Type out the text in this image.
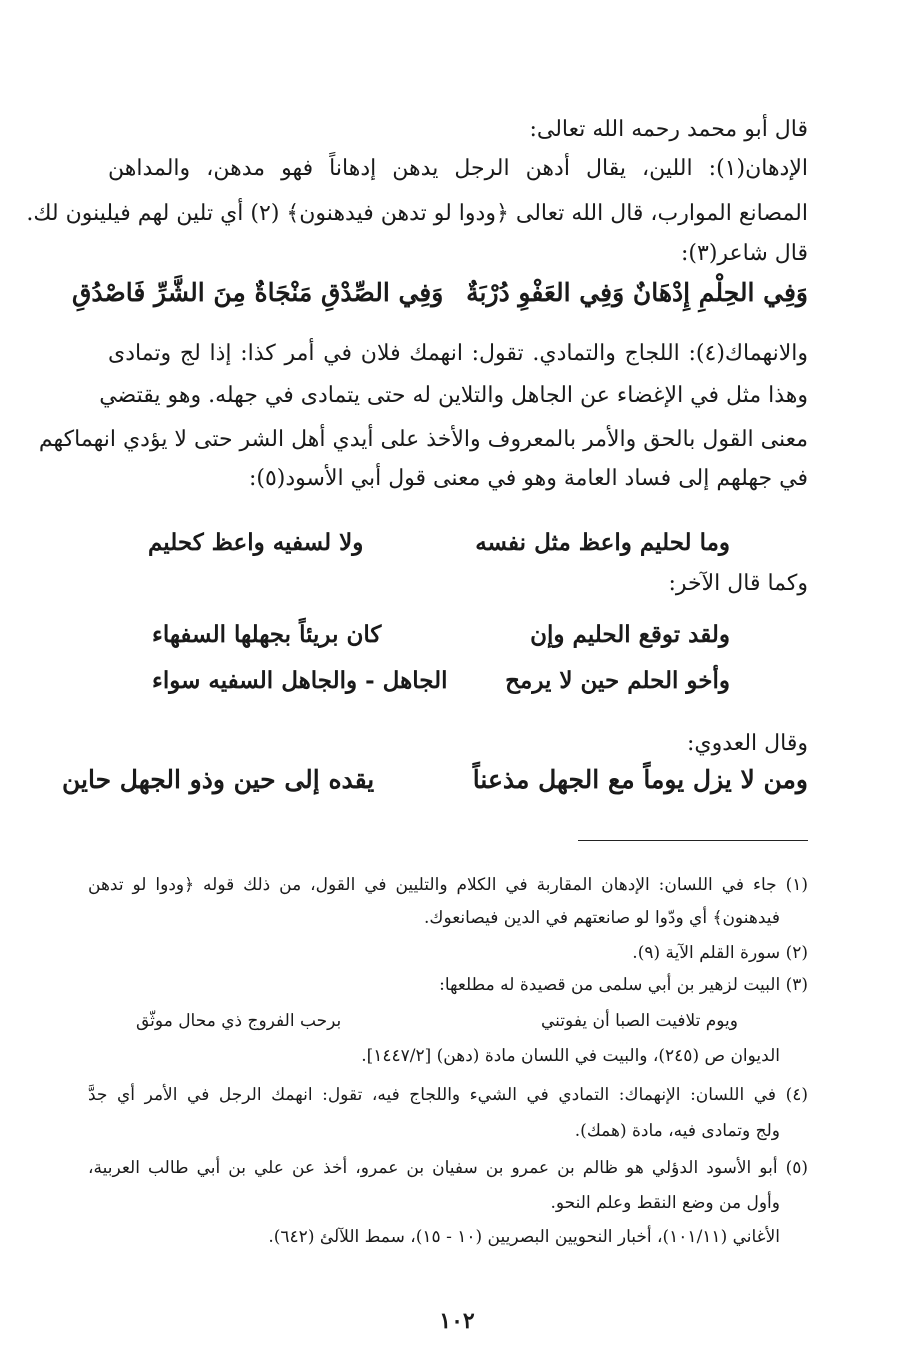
قال أبو محمد رحمه الله تعالى:
الإدهان(١): اللين، يقال أدهن الرجل يدهن إدهاناً فهو مدهن، والمداهن
المصانع الموارب، قال الله تعالى ﴿ودوا لو تدهن فيدهنون﴾ (٢) أي تلين لهم فيلينون لك.
قال شاعر(٣):
وَفِي الحِلْمِ إِدْهَانٌ وَفِي العَفْوِ دُرْبَةٌ
وَفِي الصِّدْقِ مَنْجَاةٌ مِنَ الشَّرِّ فَاصْدُقِ
والانهماك(٤): اللجاج والتمادي. تقول: انهمك فلان في أمر كذا: إذا لج وتمادى
وهذا مثل في الإغضاء عن الجاهل والتلاين له حتى يتمادى في جهله. وهو يقتضي
معنى القول بالحق والأمر بالمعروف والأخذ على أيدي أهل الشر حتى لا يؤدي انهماكهم
في جهلهم إلى فساد العامة وهو في معنى قول أبي الأسود(٥):
وما لحليم واعظ مثل نفسه
ولا لسفيه واعظ كحليم
وكما قال الآخر:
ولقد توقع الحليم وإن
كان بريئاً بجهلها السفهاء
وأخو الحلم حين لا يرمح
الجاهل - والجاهل السفيه سواء
وقال العدوي:
ومن لا يزل يوماً مع الجهل مذعناً
يقده إلى حين وذو الجهل حاين
(١) جاء في اللسان: الإدهان المقاربة في الكلام والتليين في القول، من ذلك قوله ﴿ودوا لو تدهن
فيدهنون﴾ أي ودّوا لو صانعتهم في الدين فيصانعوك.
(٢) سورة القلم الآية (٩).
(٣) البيت لزهير بن أبي سلمى من قصيدة له مطلعها:
ويوم تلافيت الصبا أن يفوتني
برحب الفروج ذي محال موثّق
الديوان ص (٢٤٥)، والبيت في اللسان مادة (دهن) [١٤٤٧/٢].
(٤) في اللسان: الإنهماك: التمادي في الشيء واللجاج فيه، تقول: انهمك الرجل في الأمر أي جدَّ
ولج وتمادى فيه، مادة (همك).
(٥) أبو الأسود الدؤلي هو ظالم بن عمرو بن سفيان بن عمرو، أخذ عن علي بن أبي طالب العربية،
وأول من وضع النقط وعلم النحو.
الأغاني (١٠١/١١)، أخبار النحويين البصريين (١٠ - ١٥)، سمط اللآلئ (٦٤٢).
١٠٢
